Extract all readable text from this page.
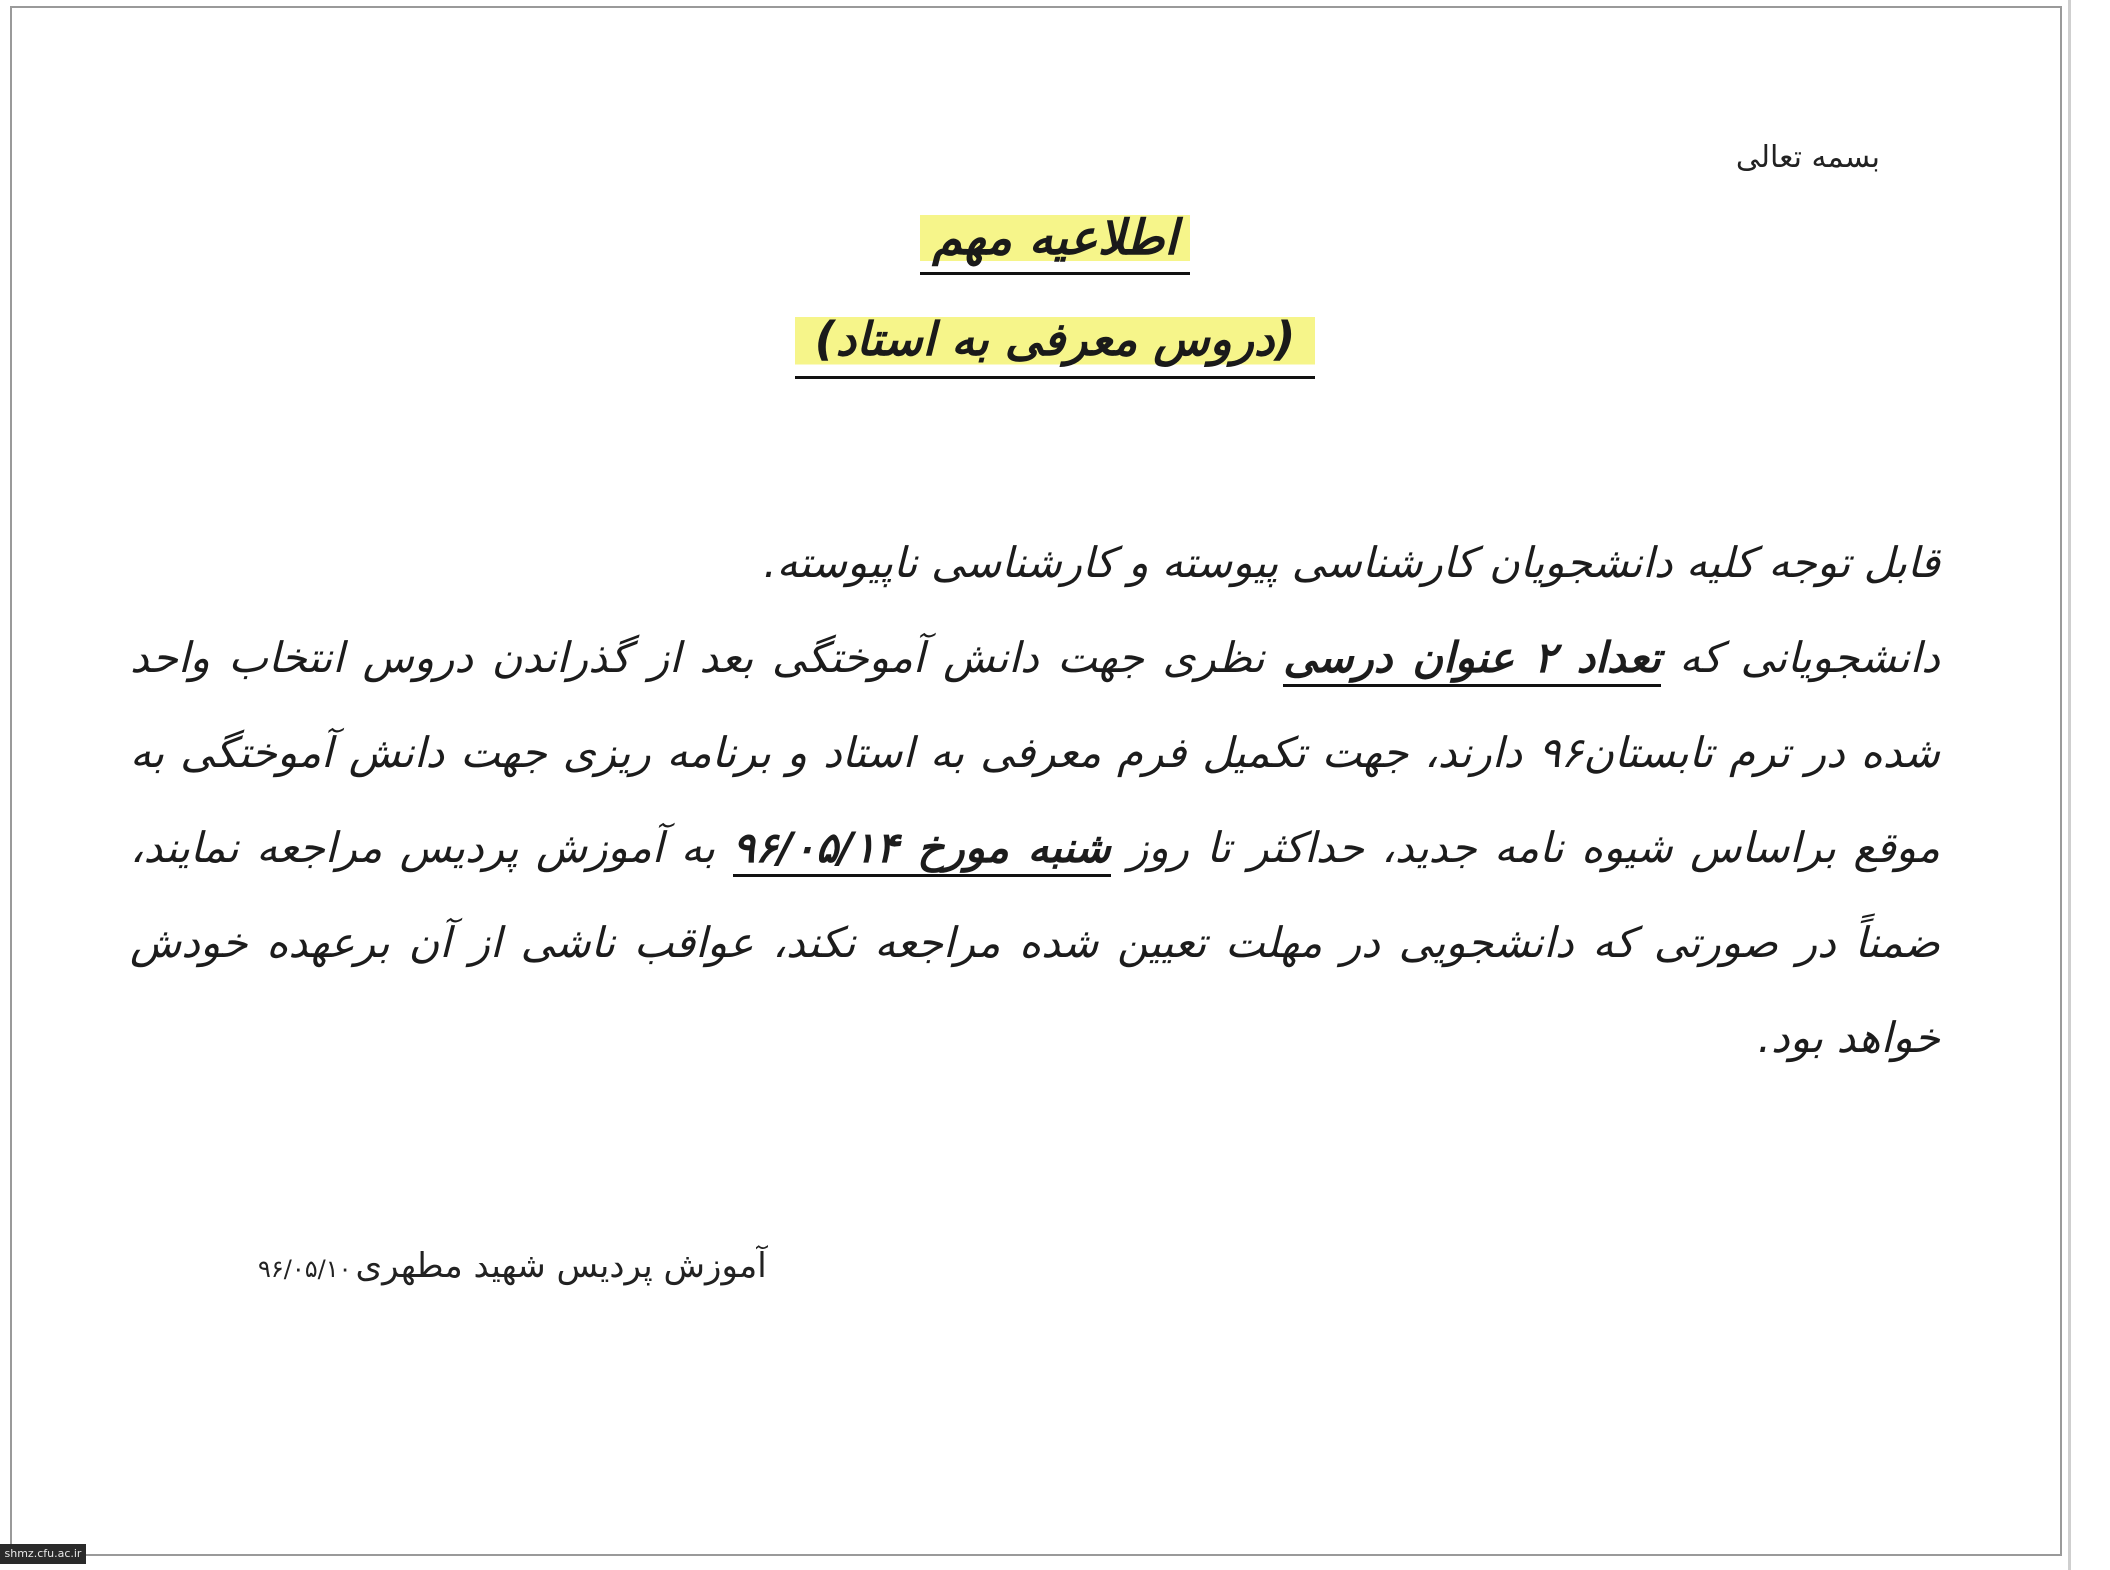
بسمه تعالی
اطلاعیه مهم
(دروس معرفی به استاد)

قابل توجه کلیه دانشجویان کارشناسی پیوسته و کارشناسی ناپیوسته.

دانشجویانی که تعداد ۲ عنوان درسی نظری جهت دانش آموختگی بعد از گذراندن دروس انتخاب واحد شده در ترم تابستان۹۶ دارند، جهت تکمیل فرم معرفی به استاد و برنامه ریزی جهت دانش آموختگی به موقع براساس شیوه نامه جدید، حداکثر تا روز شنبه مورخ ۹۶/۰۵/۱۴ به آموزش پردیس مراجعه نمایند، ضمناً در صورتی که دانشجویی در مهلت تعیین شده مراجعه نکند، عواقب ناشی از آن برعهده خودش خواهد بود.

آموزش پردیس شهید مطهری۹۶/۰۵/۱۰
shmz.cfu.ac.ir
